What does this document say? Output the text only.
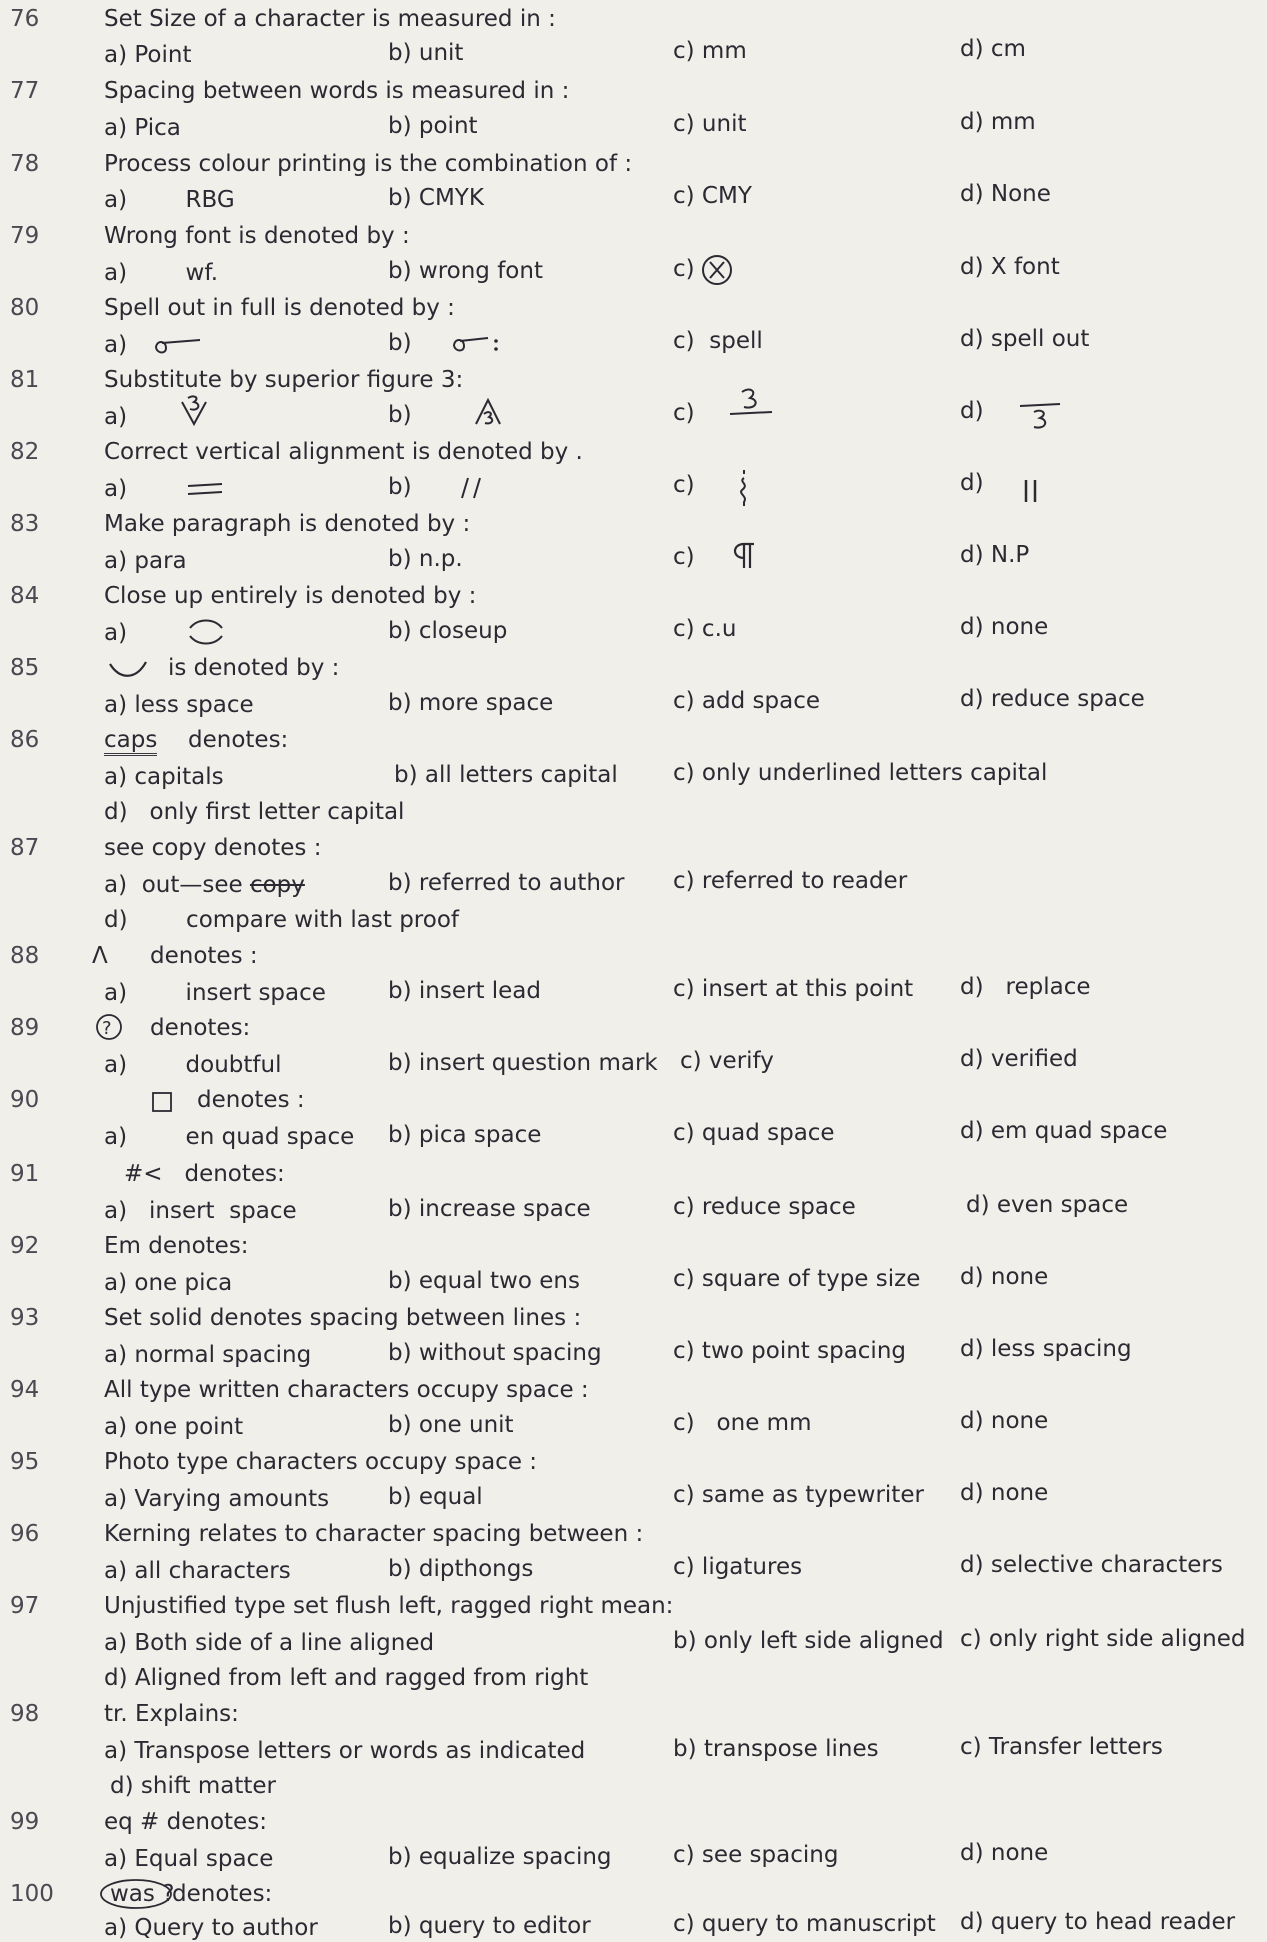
76	Set Size of a character is measured in :
a) Point	b) unit	c) mm	d) cm
77	Spacing between words is measured in :
a) Pica	b) point	c) unit	d) mm
78	Process colour printing is the combination of :
a)        RBG	b) CMYK	c) CMY	d) None
79	Wrong font is denoted by :
a)        wf.	b) wrong font	c)	d) X font
80	Spell out in full is denoted by :
a)	b)	c)  spell	d) spell out
81	Substitute by superior figure 3:
a)	b)	c)	d)
82	Correct vertical alignment is denoted by .
a)	b)	c)	d)
83	Make paragraph is denoted by :
a) para	b) n.p.	c)	d) N.P
84	Close up entirely is denoted by :
a)	b) closeup	c) c.u	d) none
85	is denoted by :
a) less space	b) more space	c) add space	d) reduce space
86	caps denotes:
a) capitals	b) all letters capital c) only underlined letters capital
d)   only first letter capital
87	see copy denotes :
a)  out—see copy	b) referred to author c) referred to reader
d)        compare with last proof
88 Λ denotes :
a)        insert space	b) insert lead	c) insert at this point d)   replace
89	? denotes:
a)        doubtful	b) insert question mark c) verify	d) verified
90	denotes :
a)        en quad space b) pica space	c) quad space	d) em quad space
91	#<   denotes:
a)   insert  space	b) increase space	c) reduce space	d) even space
92	Em denotes:
a) one pica	b) equal two ens	c) square of type size d) none
93	Set solid denotes spacing between lines :
a) normal spacing	b) without spacing	c) two point spacing d) less spacing
94	All type written characters occupy space :
a) one point	b) one unit	c)   one mm	d) none
95	Photo type characters occupy space :
a) Varying amounts	b) equal	c) same as typewriter d) none
96	Kerning relates to character spacing between :
a) all characters	b) dipthongs	c) ligatures	d) selective characters
97	Unjustified type set flush left, ragged right mean:
a) Both side of a line aligned	b) only left side aligned c) only right side aligned
d) Aligned from left and ragged from right
98	tr. Explains:
a) Transpose letters or words as indicated	b) transpose lines	c) Transfer letters
d) shift matter
99	eq # denotes:
a) Equal space	b) equalize spacing	c) see spacing	d) none
100 was ?
denotes:
a) Query to author	b) query to editor	c) query to manuscript d) query to head reader
